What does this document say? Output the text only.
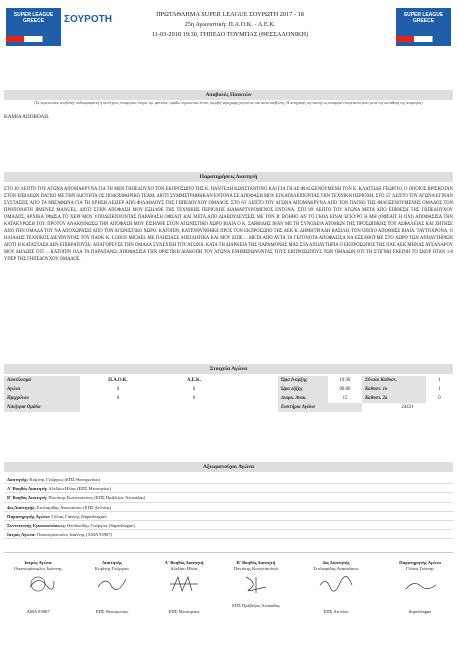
SUPER LEAGUE GREECE	ΣΟΥΡΟΤΗ	ΠΡΩΤΑΘΛΗΜΑ SUPER LEAGUE ΣΟΥΡΩΤΗ 2017 - 18
25η Αγωνιστική: Π.Α.Ο.Κ. - Α.Ε.Κ.
11-03-2018 19:30, ΓΗΠΕΔΟ ΤΟΥΜΠΑΣ (ΘΕΣΣΑΛΟΝΙΚΗ)
SUPER LEAGUE GREECE
Αποβολές Παικτών
(Σε περιπτώσεις αποβολής ποδοσφαιριστή ή στελέχους, αναφέρατε όνομα, αρ. φανέλας, ομάδα, αγωνιστικό λεπτό, ακριβή περιγραφή γεγονότος και αιτία αποβολής. Η αναγραφή της ποινής ως αναφορά επιτρέπεται μόνο μετά την κατάθεση της αναφοράς)
ΚΑΜΙΑ ΑΠΟΒΟΛΗ.
Παρατηρήσεις Διαιτητή
ΣΤΟ 10' ΛΕΠΤΟ ΤΟΥ ΑΓΩΝΑ ΑΠΟΜΑΚΡΥΝΑ ΓΙΑ ΤΗ ΜΕΝ ΓΗΠΕΔΟΥΧΟ ΤΟΝ ΕΚΠΡΟΣΩΠΟ ΤΗΣ Κ. ΠΑΝΤΕΛΗ ΚΩΝΣΤΑΝΤΙΝΟ ΚΑΙ ΓΙΑ ΤΗ ΔΕ ΦΙΛΟΞΕΝΟΥΜΕΝΗ ΤΟΝ Κ. ΚΛΑΤΣΙΔΗ ΓΕΩΡΓΙΟ, Ο ΟΠΟΙΟΣ ΒΡΙΣΚΟΤΑΝ ΣΤΟΝ ΕΙΒΙΛΕΩΝ ΠΑΓΚΟ ΜΕ ΤΗΝ ΙΔΙΟΤΗΤΑ ΟΣ ΠΟΔΟΣΦΑΙΡΙΚΟ TEAM, ΔΙΟΤΙ ΣΥΜΜΕΤΡΗΘΗΚΑΝ ΕΝΤΟΝΑ ΣΕ ΑΠΟΦΑΣΗ ΜΟΥ ΕΓΚΑΤΑΛΕΙΠΟΝΤΑΣ ΤΗΝ ΤΕΧΝΙΚΗ ΠΕΡΙΟΧΗ. ΣΤΟ 55' ΛΕΠΤΟ ΤΟΥ ΑΓΩΝΑ ΕΓΙΝΑΝ ΣΥΣΤΑΣΕΙΣ ΑΠΟ ΤΑ ΜΕΓΑΦΩΝΑ ΓΙΑ ΤΗ ΧΡΗΣΗ ΛΕΙΖΕΡ ΑΠΟ ΦΙΛΑΘΛΟΥΣ ΤΗΣ ΓΗΠΕΔΟΥΧΟΥ ΟΜΑΔΟΣ. ΣΤΟ 63' ΛΕΠΤΟ ΤΟΥ ΑΓΩΝΑ ΑΠΟΜΑΚΡΥΝΑ ΑΠΟ ΤΟΝ ΠΑΓΚΟ ΤΗΣ ΦΙΛΟΞΕΝΟΥΜΕΝΗΣ ΟΜΑΔΟΣ ΤΟΝ ΠΡΟΠΟΝΗΤΗ JIMENEZ MANUEL, ΔΙΟΤΙ ΣΤΗΝ ΑΠΟΦΑΣΗ ΜΟΥ ΕΞΗΛΘΕ ΤΗΣ ΤΕΧΝΙΚΗΣ ΠΕΡΙΟΧΗΣ ΔΙΑΜΑΡΤΥΡΟΜΕΝΟΣ ΕΝΤΟΝΑ. ΣΤΟ 89' ΛΕΠΤΟ ΤΟΥ ΑΓΩΝΑ ΜΕΤΑ ΑΠΟ ΕΠΙΘΕΣΗ ΤΗΣ ΓΗΠΕΔΟΥΧΟΥ ΟΜΑΔΟΣ, ΑΡΧΙΚΑ ΥΦΩΣΑ ΤΟ ΧΕΡΙ ΜΟΥ ΥΠΟΔΕΙΚΝΥΟΝΤΑΣ ΠΑΡΑΒΑΣΗ ΟΦΣΑΙΤ ΚΑΙ ΜΕΤΑ ΑΠΟ ΔΙΑΒΟΥΛΕΥΣΕΙΣ ΜΕ ΤΟΝ Β' ΒΟΗΘΟ ΑΝ ΤΟ ΓΚΟΛ ΕΙΝΑΙ ΕΓΚΥΡΟ Η ΜΗ (ΟΦΣΑΙΤ Η ΟΧΙ) ΑΠΟΦΑΣΙΣΑ ΤΗΝ ΚΑΤΑΚΥΡΩΣΗ ΤΟΥ. ΠΡΟΤΟΥ ΑΝΑΚΟΙΝΩΣΩ ΤΗΝ ΑΠΟΦΑΣΗ ΜΟΥ ΕΙΣΗΛΘΕ ΣΤΟΝ ΑΓΩΝΙΣΤΙΚΟ ΧΩΡΟ ΒΙΑΙΑ Ο Κ. ΣΑΒΒΙΔΗΣ ΙΒΑΝ ΜΕ ΤΗ ΣΥΝΟΔΕΙΑ ΑΤΟΜΩΝ ΤΗΣ ΠΡΟΣΩΠΙΚΗΣ ΤΟΥ ΑΣΦΑΛΕΙΑΣ ΚΑΙ ΖΗΤΗΣΕ ΑΠΟ ΤΗΝ ΟΜΑΔΑ ΤΟΥ ΝΑ ΑΠΟΧΩΡΗΣΕΙ ΑΠΟ ΤΟΝ ΑΓΩΝΙΣΤΙΚΟ ΧΩΡΟ. ΚΑΤΟΠΙΝ, ΚΑΤΕΥΘΥΝΘΗΚΕ ΠΡΟΣ ΤΟΝ ΕΚΠΡΟΣΩΠΟ ΤΗΣ ΑΕΚ Κ. ΔΗΜΗΤΡΙΑΔΗ ΒΑΣΙΛΗ, ΤΟΝ ΟΠΟΙΟ ΑΠΟΘΗΣΕ ΒΙΑΙΑ. ΤΑΥΤΟΧΡΟΝΑ, Ο ΗΛΙΑΔΗΣ ΤΕΧΝΙΚΟΣ ΔΙΕΥΘΥΝΤΗΣ ΤΟΥ ΠΑΟΚ Κ. LUBOS MICHEL ΜΕ ΠΛΗΣΙΑΣΕ ΑΠΕΙΛΗΤΙΚΑ ΚΑΙ ΜΟΥ ΕΙΠΕ: ...ΜΕΤΑ ΑΠΟ ΑΥΤΑ ΤΑ ΓΕΓΟΝΟΤΑ ΑΠΟΦΑΣΙΣΑ ΝΑ ΕΞΕΛΘΟΥΜΕ ΣΤΟ ΧΩΡΟ ΤΩΝ ΑΠΟΔΥΤΗΡΙΩΝ ΔΙΟΤΙ Η ΚΑΤΑΣΤΑΣΗ ΔΕΝ ΕΠΙΚΡΑΤΟΥΣΕ. ΑΠΑΓΟΡΕΥΣΕ ΤΗΝ ΟΜΑΔΑ ΣΥΝΕΧΙΣΗ ΤΟΥ ΑΓΩΝΑ. ΚΑΤΑ ΤΗ ΔΙΑΡΚΕΙΑ ΤΗΣ ΠΑΡΑΜΟΝΗΣ ΜΑΣ ΣΤΑ ΑΠΟΔΥΤΗΡΙΑ Ο ΕΚΠΡΟΣΩΠΟΣ ΤΗΣ ΠΑΕ ΑΕΚ ΜΗΝΑΣ ΑΥΣΑΝΑΡΟΥ ΜΟΥ ΔΗΛΩΣΕ ΟΤΙ ... ΚΑΤΟΠΙΝ ΟΛΑ ΤΑ ΠΑΡΑΠΑΝΩ, ΑΠΟΦΑΣΙΣΑ ΤΗΝ ΟΡΙΣΤΙΚΗ ΔΙΑΚΟΠΗ ΤΟΥ ΑΓΩΝΑ ΕΝΗΜΕΡΩΝΟΝΤΑΣ ΤΟΥΣ ΕΚΠΡΟΣΩΠΟΥΣ ΤΩΝ ΟΜΑΔΩΝ ΟΤΙ ΤΗ ΣΤΙΓΜΗ ΕΚΕΙΝΗ ΤΟ ΣΚΟΡ ΗΤΑΝ 1-0 ΥΠΕΡ ΤΗΣ ΓΗΠΕΔΟΥΧΟΥ ΟΜΑΔΟΣ.
Στοιχεία Αγώνα
Αποτέλεσμα	Π.Α.Ο.Κ.	Α.Ε.Κ.		Ώρα έναρξης	19:30	Σύνολο Καθυστ.	1
Αγώνα	0	0		Ώρα λήξης	00:00	Καθυστ. 1ο	1
Ημιχρόνου	0	0		Διαρκ. Ανακ.	15	Καθυστ. 2ο	0
Νικήτρια Ομάδα				Εισιτήρια Αγώνα		24431	
Αξιωματούχοι Αγώνα
Διαιτητής: Κομίνης Γεώργιος (ΕΠΣ Θεσπρωτίας)
Α' Βοηθός Διαιτητή: Αλεξίου Ηλίας (ΕΠΣ Μεσσηνίας)
Β' Βοηθός Διαιτητή: Ποντίκης Κωνσταντίνος (ΕΠΣ Πρέβεζας-Λευκάδας)
4ος Διαιτητής: Στυλιαρίδης Αναστάσιος (ΕΠΣ Αιτ/νίας)
Παρατηρητής Αγώνα: Γόλιας Γιάννης (Superleague)
Συντονιστής Εγκαταστάσεως: Θεοδοσίδης Γεώργιος (Superleague)
Ιατρός Αγώνα: Οικονομόπουλος Ιωάννης (ΑΜΑ 93967)
Ιατρός Αγώνα
Οικονομόπουλος Ιωάννης
ΑΜΑ 93967
Διαιτητής
Κομίνης Γεώργιος
ΕΠΣ Θεσπρωτίας
Α' Βοηθός Διαιτητή
Αλεξίου Ηλίας
ΕΠΣ Μεσσηνίας
Β' Βοηθός Διαιτητή
Ποντίκης Κωνσταντίνος
ΕΠΣ Πρέβεζας-Λευκάδας
4ος Διαιτητής
Στυλιαρίδης Αναστάσιος
ΕΠΣ Αιτ/νίας
Παρατηρητής Αγώνα
Γόλιας Γιάννης
Superleague
